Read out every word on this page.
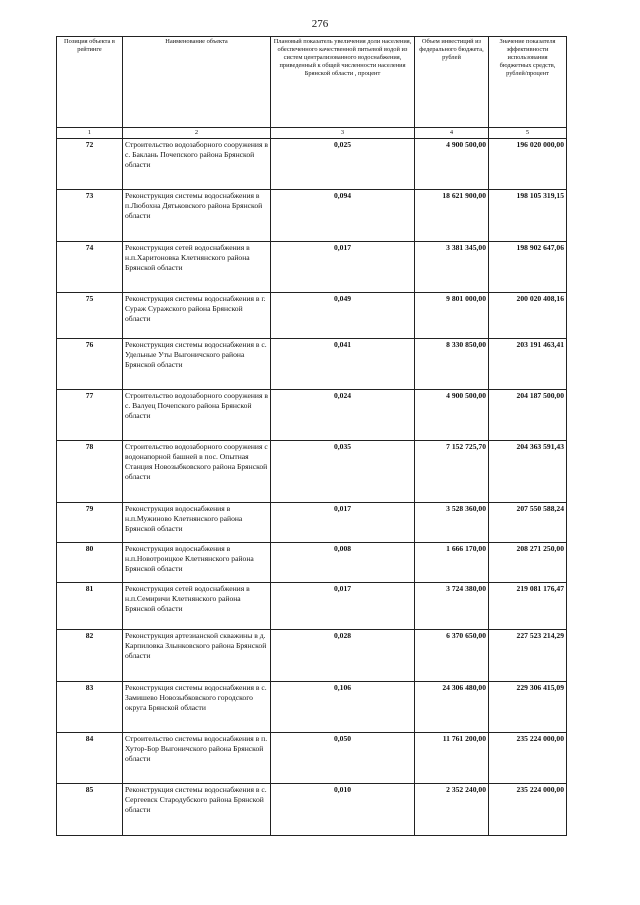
276
Позиция объекта в рейтинге	Наименование объекта	Плановый показатель увеличения доли населения, обеспеченного качественной питьевой водой из систем централизованного водоснабжения, приведенный к общей численности населения Брянской области , процент	Объем инвестиций из федерального бюджета, рублей	Значение показателя эффективности использования бюджетных средств, рублей/процент
1	2	3	4	5
72	Строительство водозаборного сооружения в с. Баклань Почепского района Брянской области	0,025	4 900 500,00	196 020 000,00
73	Реконструкция системы водоснабжения в п.Любохна Дятьковского района Брянской области	0,094	18 621 900,00	198 105 319,15
74	Реконструкция сетей водоснабжения в н.п.Харитоновка Клетнянского района Брянской области	0,017	3 381 345,00	198 902 647,06
75	Реконструкция системы водоснабжения в г. Сураж Суражского района Брянской области	0,049	9 801 000,00	200 020 408,16
76	Реконструкция системы водоснабжения в с. Удельные Уты Выгоничского района Брянской области	0,041	8 330 850,00	203 191 463,41
77	Строительство водозаборного сооружения в с. Валуец Почепского района Брянской области	0,024	4 900 500,00	204 187 500,00
78	Строительство водозаборного сооружения с водонапорной башней в пос. Опытная Станция Новозыбковского района Брянской области	0,035	7 152 725,70	204 363 591,43
79	Реконструкция водоснабжения в н.п.Мужиново Клетнянского района Брянской области	0,017	3 528 360,00	207 550 588,24
80	Реконструкция водоснабжения в н.п.Новотроицкое Клетнянского района Брянской области	0,008	1 666 170,00	208 271 250,00
81	Реконструкция сетей водоснабжения в н.п.Семиричи Клетнянского района Брянской области	0,017	3 724 380,00	219 081 176,47
82	Реконструкция артезианской скважины в д. Карпиловка Злынковского района Брянской области	0,028	6 370 650,00	227 523 214,29
83	Реконструкция системы водоснабжения в с. Замишево Новозыбковского городского округа Брянской области	0,106	24 306 480,00	229 306 415,09
84	Строительство системы водоснабжения в п. Хутор-Бор Выгоничского района Брянской области	0,050	11 761 200,00	235 224 000,00
85	Реконструкция системы водоснабжения в с. Сергеевск Стародубского района Брянской области	0,010	2 352 240,00	235 224 000,00
